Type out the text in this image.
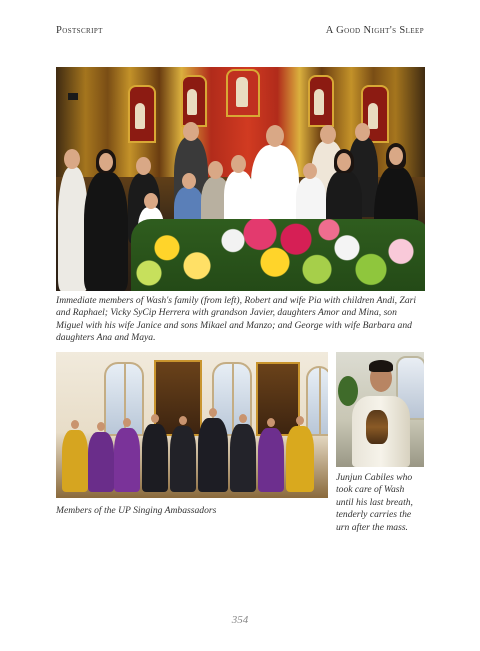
Postscript	A Good Night's Sleep
Immediate members of Wash's family (from left), Robert and wife Pia with children Andi, Zari and Raphael; Vicky SyCip Herrera with grandson Javier, daughters Amor and Mina, son Miguel with his wife Janice and sons Mikael and Manzo; and George with wife Barbara and daughters Ana and Maya.
Members of the UP Singing Ambassadors
Junjun Cabiles who took care of Wash until his last breath, tenderly carries the urn after the mass.
354
